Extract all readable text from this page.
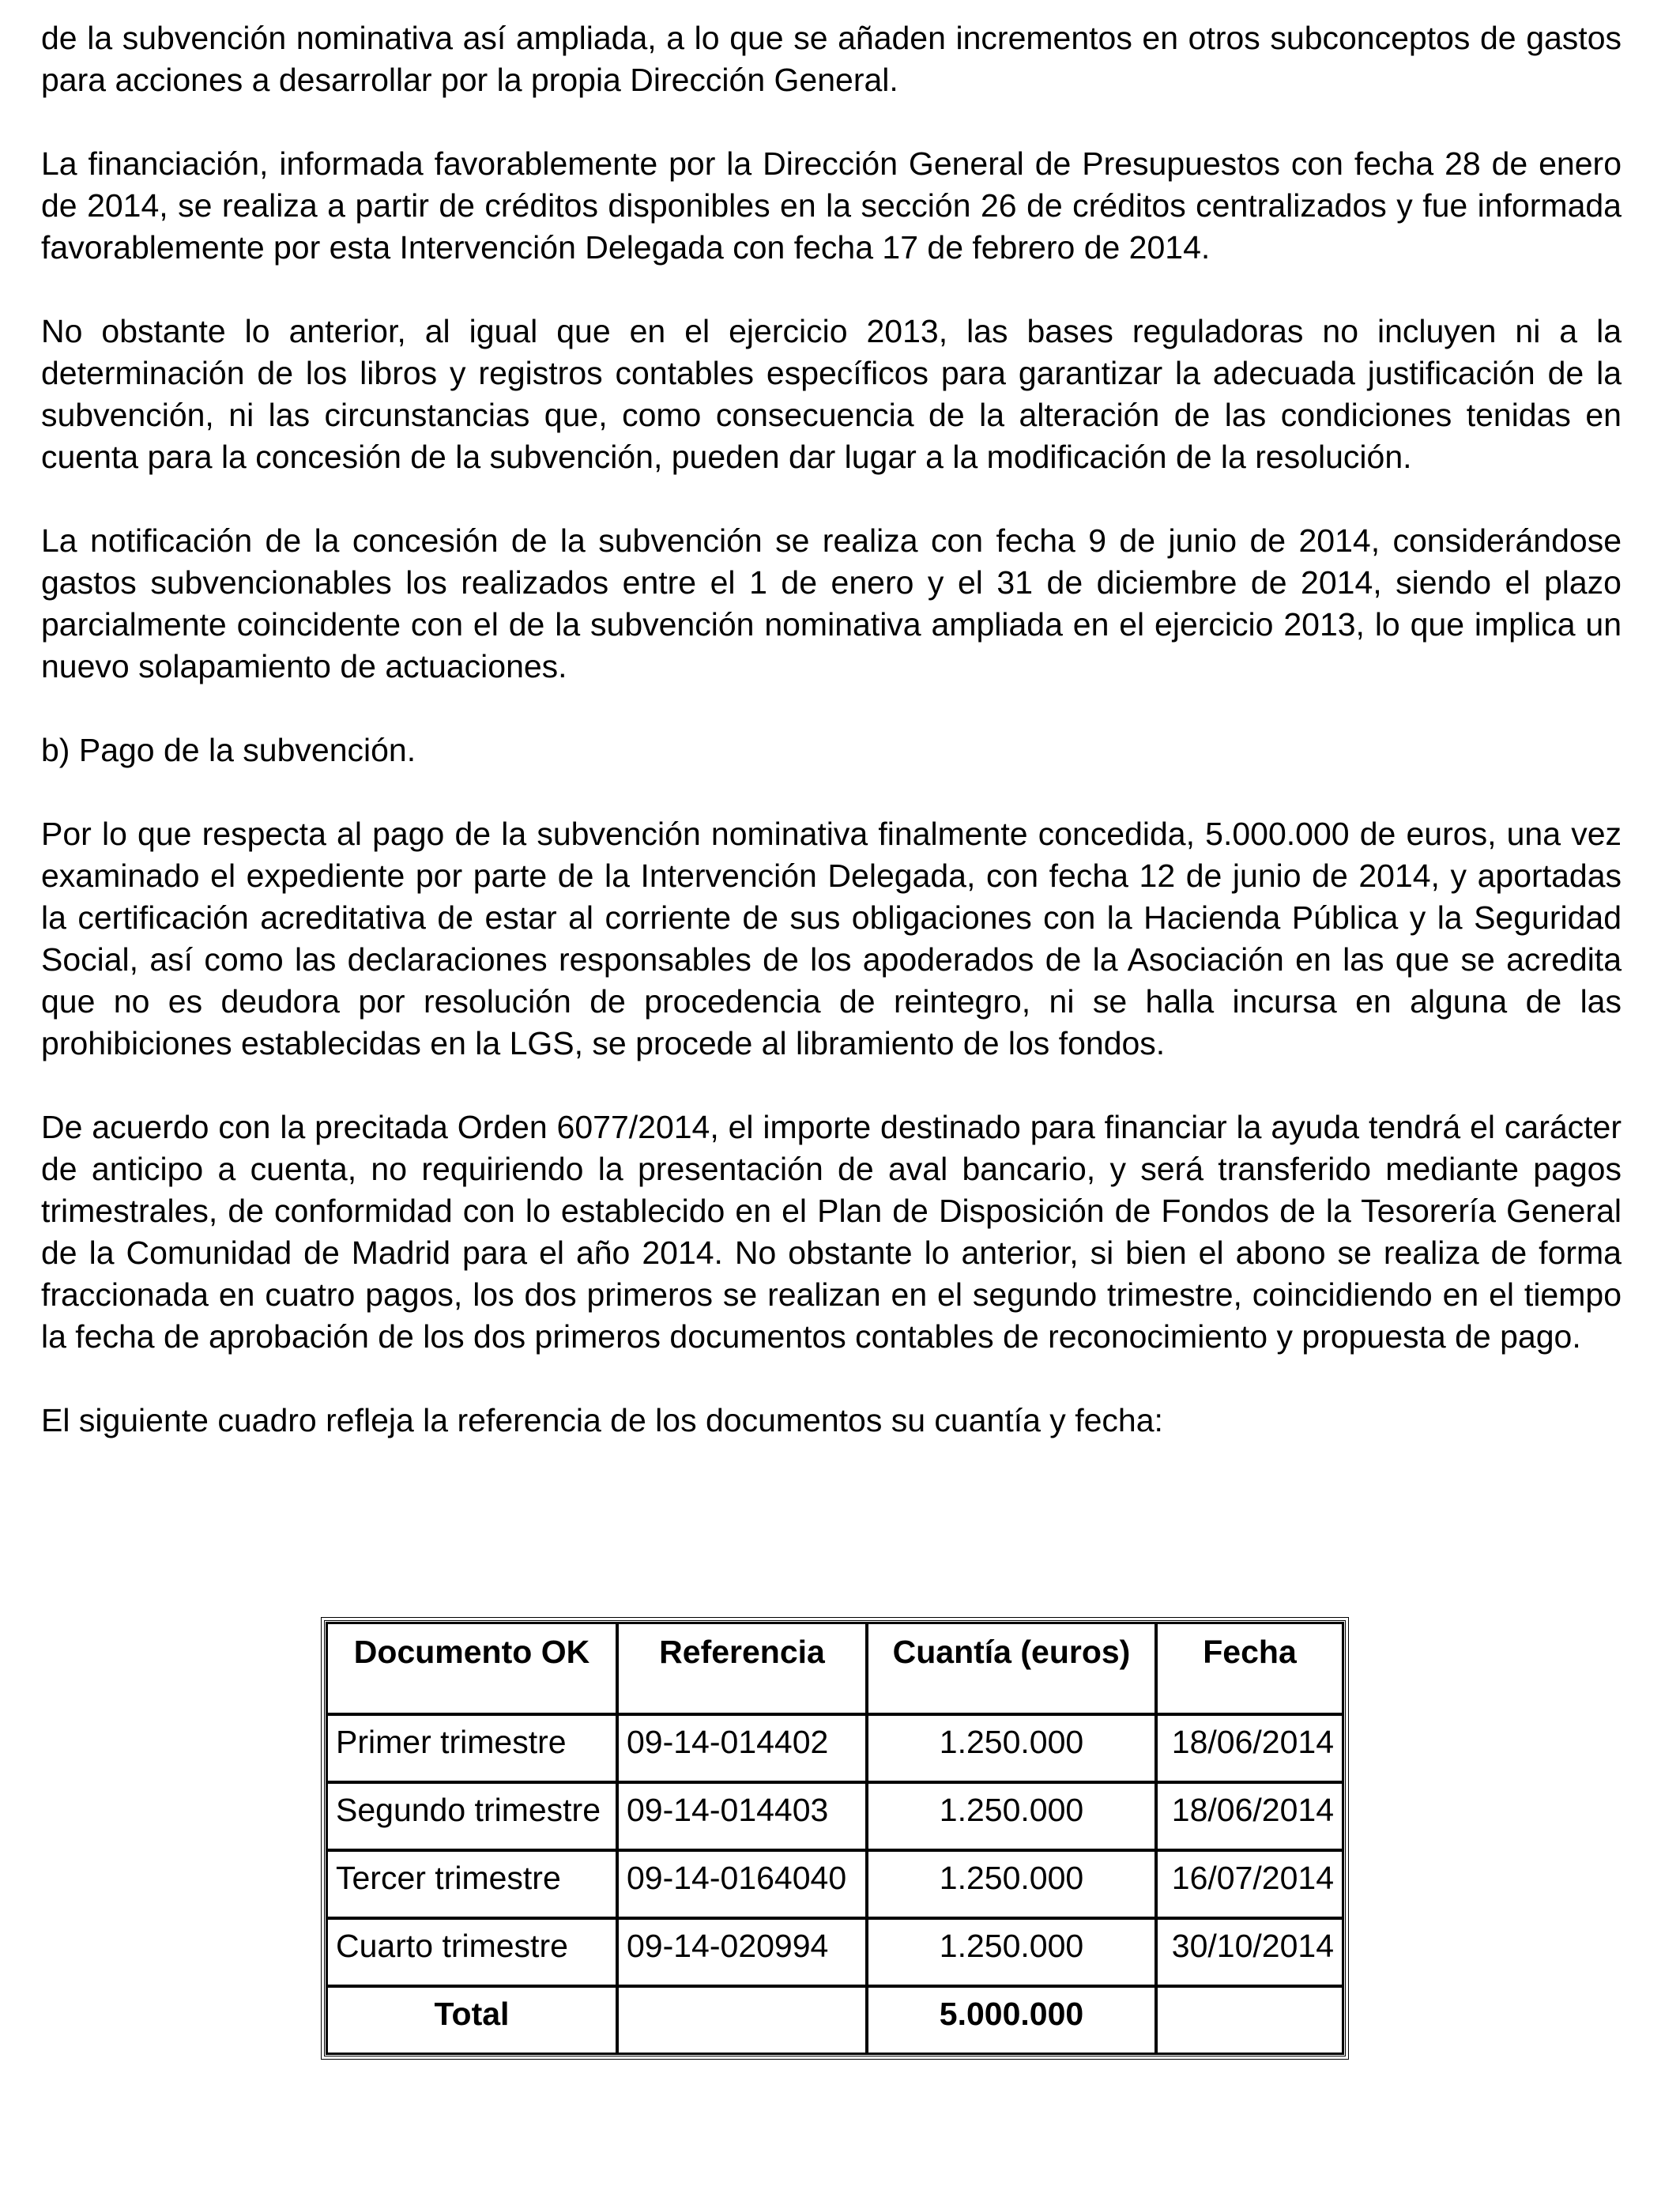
de la subvención nominativa así ampliada, a lo que se añaden incrementos en otros subconceptos de gastos para acciones a desarrollar por la propia Dirección General.

La financiación, informada favorablemente por la Dirección General de Presupuestos con fecha 28 de enero de 2014, se realiza a partir de créditos disponibles en la sección 26 de créditos centralizados y fue informada favorablemente por esta Intervención Delegada con fecha 17 de febrero de 2014.

No obstante lo anterior, al igual que en el ejercicio 2013, las bases reguladoras no incluyen ni a la determinación de los libros y registros contables específicos para garantizar la adecuada justificación de la subvención, ni las circunstancias que, como consecuencia de la alteración de las condiciones tenidas en cuenta para la concesión de la subvención, pueden dar lugar a la modificación de la resolución.

La notificación de la concesión de la subvención se realiza con fecha 9 de junio de 2014, considerándose gastos subvencionables los realizados entre el 1 de enero y el 31 de diciembre de 2014, siendo el plazo parcialmente coincidente con el de la subvención nominativa ampliada en el ejercicio 2013, lo que implica un nuevo solapamiento de actuaciones.

b) Pago de la subvención.

Por lo que respecta al pago de la subvención nominativa finalmente concedida, 5.000.000 de euros, una vez examinado el expediente por parte de la Intervención Delegada, con fecha 12 de junio de 2014, y aportadas la certificación acreditativa de estar al corriente de sus obligaciones con la Hacienda Pública y la Seguridad Social, así como las declaraciones responsables de los apoderados de la Asociación en las que se acredita que no es deudora por resolución de procedencia de reintegro, ni se halla incursa en alguna de las prohibiciones establecidas en la LGS, se procede al libramiento de los fondos.

De acuerdo con la precitada Orden 6077/2014, el importe destinado para financiar la ayuda tendrá el carácter de anticipo a cuenta, no requiriendo la presentación de aval bancario, y será transferido mediante pagos trimestrales, de conformidad con lo establecido en el Plan de Disposición de Fondos de la Tesorería General de la Comunidad de Madrid para el año 2014. No obstante lo anterior, si bien el abono se realiza de forma fraccionada en cuatro pagos, los dos primeros se realizan en el segundo trimestre, coincidiendo en el tiempo la fecha de aprobación de los dos primeros documentos contables de reconocimiento y propuesta de pago.

El siguiente cuadro refleja la referencia de los documentos su cuantía y fecha:

Documento OK	Referencia	Cuantía (euros)	Fecha
Primer trimestre	09-14-014402	1.250.000	18/06/2014
Segundo trimestre	09-14-014403	1.250.000	18/06/2014
Tercer trimestre	09-14-0164040	1.250.000	16/07/2014
Cuarto trimestre	09-14-020994	1.250.000	30/10/2014
Total		5.000.000	
